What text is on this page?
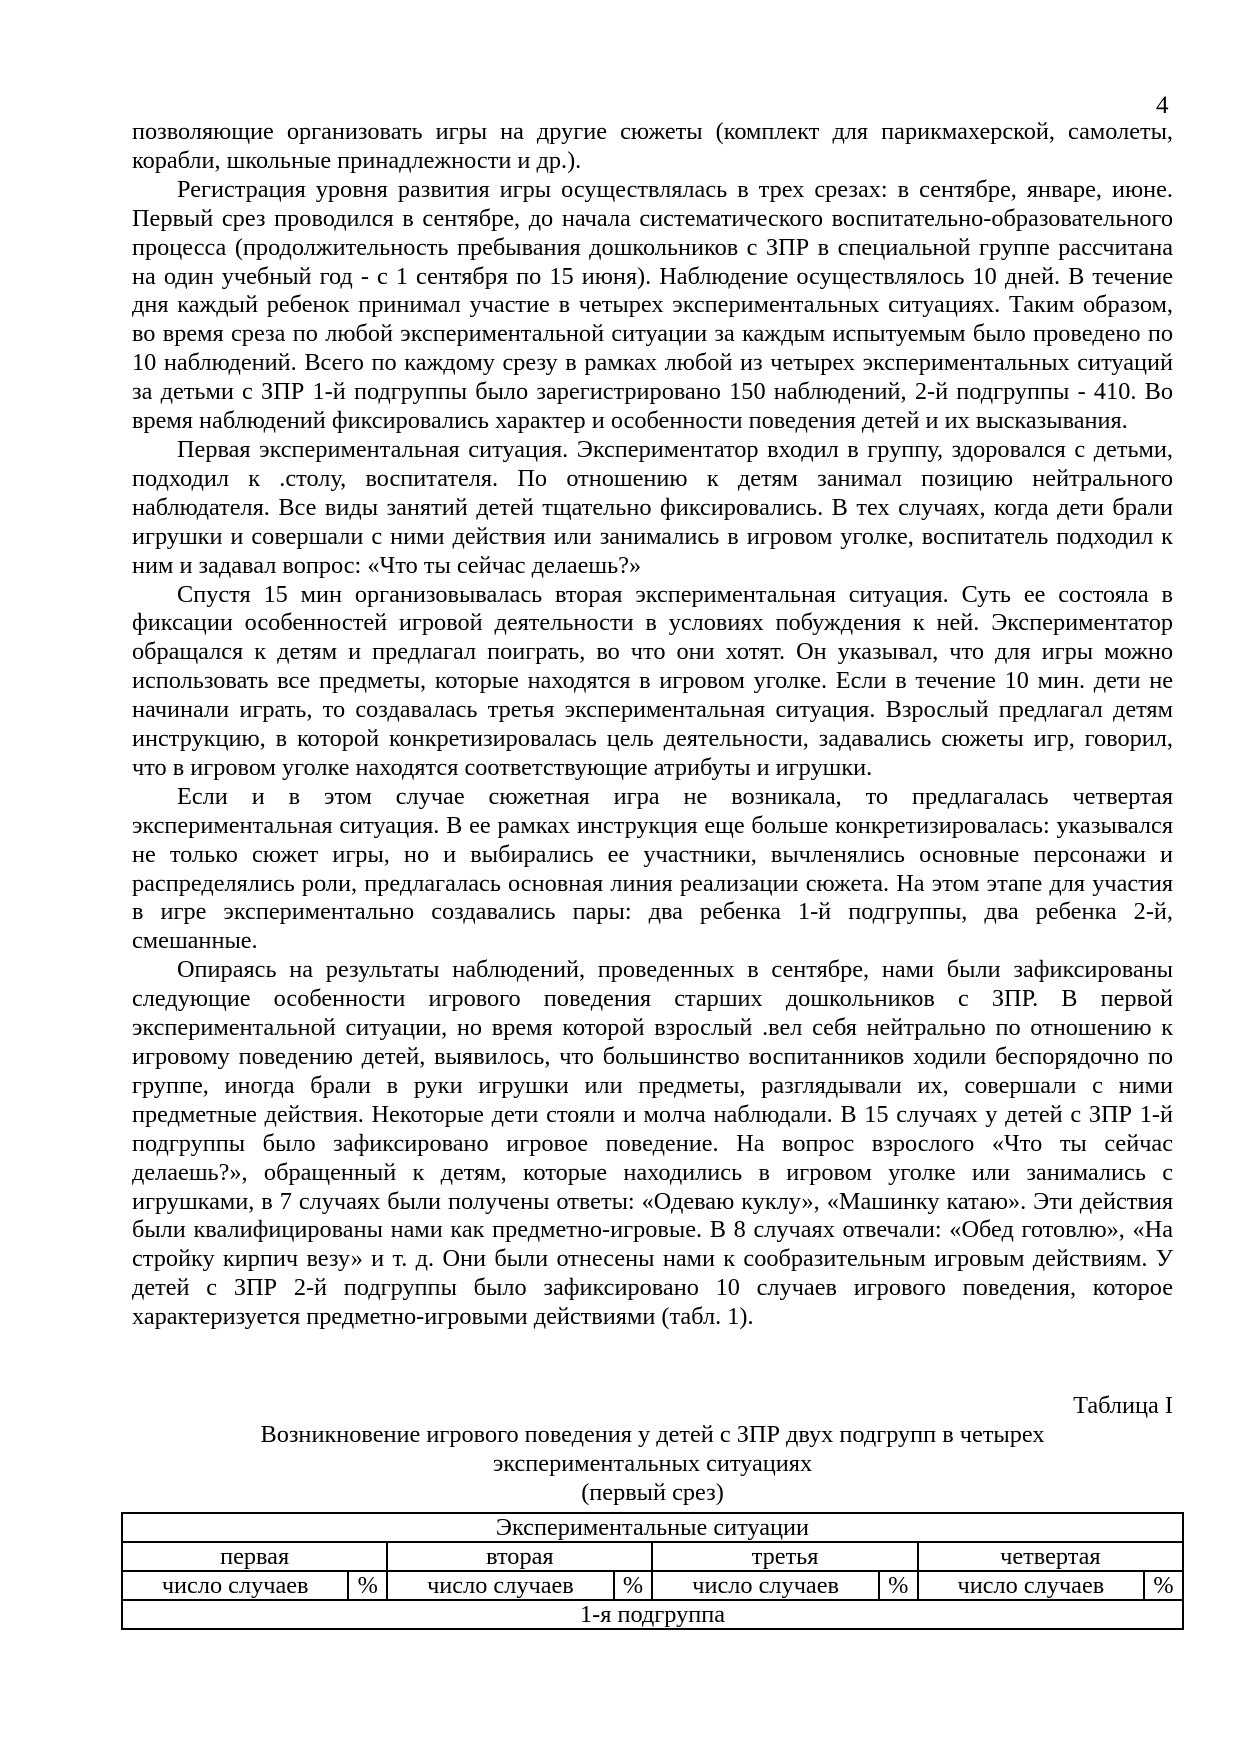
4

позволяющие организовать игры на другие сюжеты (комплект для парикмахерской, самолеты, корабли, школьные принадлежности и др.).

Регистрация уровня развития игры осуществлялась в трех срезах: в сентябре, январе, июне. Первый срез проводился в сентябре, до начала систематического воспитательно-образовательного процесса (продолжительность пребывания дошкольников с ЗПР в специальной группе рассчитана на один учебный год - с 1 сентября по 15 июня). Наблюдение осуществлялось 10 дней. В течение дня каждый ребенок принимал участие в четырех экспериментальных ситуациях. Таким образом, во время среза по любой экспериментальной ситуации за каждым испытуемым было проведено по 10 наблюдений. Всего по каждому срезу в рамках любой из четырех экспериментальных ситуаций за детьми с ЗПР 1-й подгруппы было зарегистрировано 150 наблюдений, 2-й подгруппы - 410. Во время наблюдений фиксировались характер и особенности поведения детей и их высказывания.

Первая экспериментальная ситуация. Экспериментатор входил в группу, здоровался с детьми, подходил к .столу, воспитателя. По отношению к детям занимал позицию нейтрального наблюдателя. Все виды занятий детей тщательно фиксировались. В тех случаях, когда дети брали игрушки и совершали с ними действия или занимались в игровом уголке, воспитатель подходил к ним и задавал вопрос: «Что ты сейчас делаешь?»

Спустя 15 мин организовывалась вторая экспериментальная ситуация. Суть ее состояла в фиксации особенностей игровой деятельности в условиях побуждения к ней. Экспериментатор обращался к детям и предлагал поиграть, во что они хотят. Он указывал, что для игры можно использовать все предметы, которые находятся в игровом уголке. Если в течение 10 мин. дети не начинали играть, то создавалась третья экспериментальная ситуация. Взрослый предлагал детям инструкцию, в которой конкретизировалась цель деятельности, задавались сюжеты игр, говорил, что в игровом уголке находятся соответствующие атрибуты и игрушки.

Если и в этом случае сюжетная игра не возникала, то предлагалась четвертая экспериментальная ситуация. В ее рамках инструкция еще больше конкретизировалась: указывался не только сюжет игры, но и выбирались ее участники, вычленялись основные персонажи и распределялись роли, предлагалась основная линия реализации сюжета. На этом этапе для участия в игре экспериментально создавались пары: два ребенка 1-й подгруппы, два ребенка 2-й, смешанные.

Опираясь на результаты наблюдений, проведенных в сентябре, нами были зафиксированы следующие особенности игрового поведения старших дошкольников с ЗПР. В первой экспериментальной ситуации, но время которой взрослый .вел себя нейтрально по отношению к игровому поведению детей, выявилось, что большинство воспитанников ходили беспорядочно по группе, иногда брали в руки игрушки или предметы, разглядывали их, совершали с ними предметные действия. Некоторые дети стояли и молча наблюдали. В 15 случаях у детей с ЗПР 1-й подгруппы было зафиксировано игровое поведение. На вопрос взрослого «Что ты сейчас делаешь?», обращенный к детям, которые находились в игровом уголке или занимались с игрушками, в 7 случаях были получены ответы: «Одеваю куклу», «Машинку катаю». Эти действия были квалифицированы нами как предметно-игровые. В 8 случаях отвечали: «Обед готовлю», «На стройку кирпич везу» и т. д. Они были отнесены нами к сообразительным игровым действиям. У детей с ЗПР 2-й подгруппы было зафиксировано 10 случаев игрового поведения, которое характеризуется предметно-игровыми действиями (табл. 1).

Таблица I
Возникновение игрового поведения у детей с ЗПР двух подгрупп в четырех экспериментальных ситуациях
(первый срез)
Экспериментальные ситуации							
первая		вторая		третья		четвертая	
число случаев	%	число случаев	%	число случаев	%	число случаев	%
1-я подгруппа							
